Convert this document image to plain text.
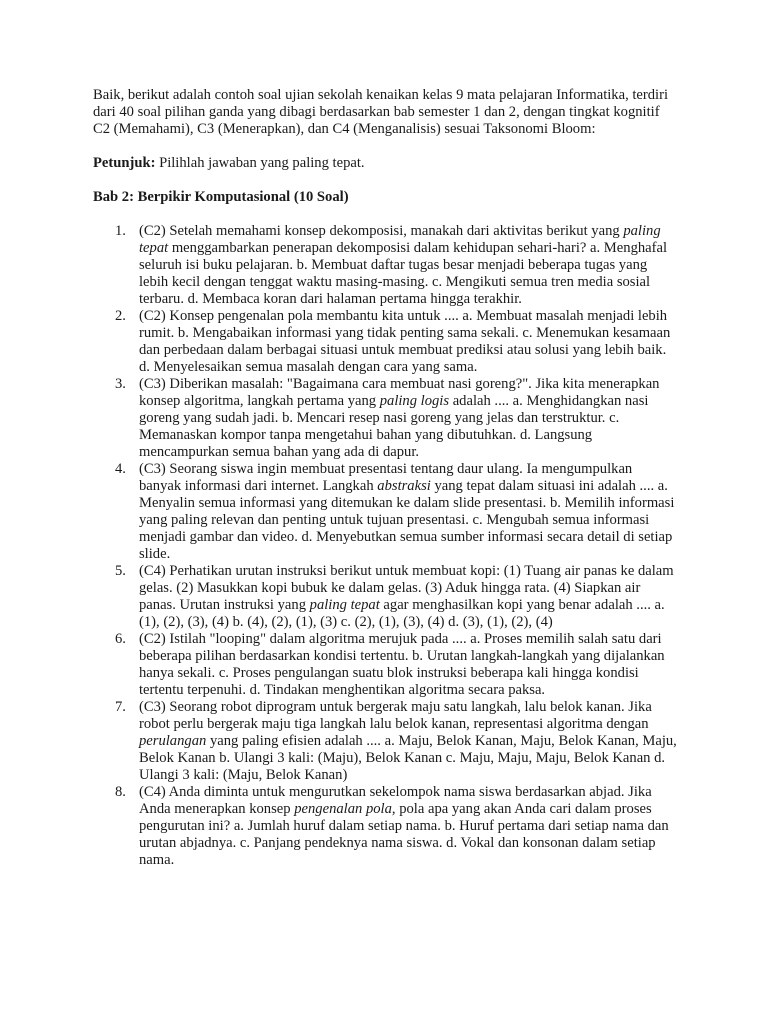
Baik, berikut adalah contoh soal ujian sekolah kenaikan kelas 9 mata pelajaran Informatika, terdiri dari 40 soal pilihan ganda yang dibagi berdasarkan bab semester 1 dan 2, dengan tingkat kognitif C2 (Memahami), C3 (Menerapkan), dan C4 (Menganalisis) sesuai Taksonomi Bloom:

Petunjuk: Pilihlah jawaban yang paling tepat.

Bab 2: Berpikir Komputasional (10 Soal)

1. (C2) Setelah memahami konsep dekomposisi, manakah dari aktivitas berikut yang paling tepat menggambarkan penerapan dekomposisi dalam kehidupan sehari-hari? a. Menghafal seluruh isi buku pelajaran. b. Membuat daftar tugas besar menjadi beberapa tugas yang lebih kecil dengan tenggat waktu masing-masing. c. Mengikuti semua tren media sosial terbaru. d. Membaca koran dari halaman pertama hingga terakhir.
2. (C2) Konsep pengenalan pola membantu kita untuk .... a. Membuat masalah menjadi lebih rumit. b. Mengabaikan informasi yang tidak penting sama sekali. c. Menemukan kesamaan dan perbedaan dalam berbagai situasi untuk membuat prediksi atau solusi yang lebih baik. d. Menyelesaikan semua masalah dengan cara yang sama.
3. (C3) Diberikan masalah: "Bagaimana cara membuat nasi goreng?". Jika kita menerapkan konsep algoritma, langkah pertama yang paling logis adalah .... a. Menghidangkan nasi goreng yang sudah jadi. b. Mencari resep nasi goreng yang jelas dan terstruktur. c. Memanaskan kompor tanpa mengetahui bahan yang dibutuhkan. d. Langsung mencampurkan semua bahan yang ada di dapur.
4. (C3) Seorang siswa ingin membuat presentasi tentang daur ulang. Ia mengumpulkan banyak informasi dari internet. Langkah abstraksi yang tepat dalam situasi ini adalah .... a. Menyalin semua informasi yang ditemukan ke dalam slide presentasi. b. Memilih informasi yang paling relevan dan penting untuk tujuan presentasi. c. Mengubah semua informasi menjadi gambar dan video. d. Menyebutkan semua sumber informasi secara detail di setiap slide.
5. (C4) Perhatikan urutan instruksi berikut untuk membuat kopi: (1) Tuang air panas ke dalam gelas. (2) Masukkan kopi bubuk ke dalam gelas. (3) Aduk hingga rata. (4) Siapkan air panas. Urutan instruksi yang paling tepat agar menghasilkan kopi yang benar adalah .... a. (1), (2), (3), (4) b. (4), (2), (1), (3) c. (2), (1), (3), (4) d. (3), (1), (2), (4)
6. (C2) Istilah "looping" dalam algoritma merujuk pada .... a. Proses memilih salah satu dari beberapa pilihan berdasarkan kondisi tertentu. b. Urutan langkah-langkah yang dijalankan hanya sekali. c. Proses pengulangan suatu blok instruksi beberapa kali hingga kondisi tertentu terpenuhi. d. Tindakan menghentikan algoritma secara paksa.
7. (C3) Seorang robot diprogram untuk bergerak maju satu langkah, lalu belok kanan. Jika robot perlu bergerak maju tiga langkah lalu belok kanan, representasi algoritma dengan perulangan yang paling efisien adalah .... a. Maju, Belok Kanan, Maju, Belok Kanan, Maju, Belok Kanan b. Ulangi 3 kali: (Maju), Belok Kanan c. Maju, Maju, Maju, Belok Kanan d. Ulangi 3 kali: (Maju, Belok Kanan)
8. (C4) Anda diminta untuk mengurutkan sekelompok nama siswa berdasarkan abjad. Jika Anda menerapkan konsep pengenalan pola, pola apa yang akan Anda cari dalam proses pengurutan ini? a. Jumlah huruf dalam setiap nama. b. Huruf pertama dari setiap nama dan urutan abjadnya. c. Panjang pendeknya nama siswa. d. Vokal dan konsonan dalam setiap nama.
